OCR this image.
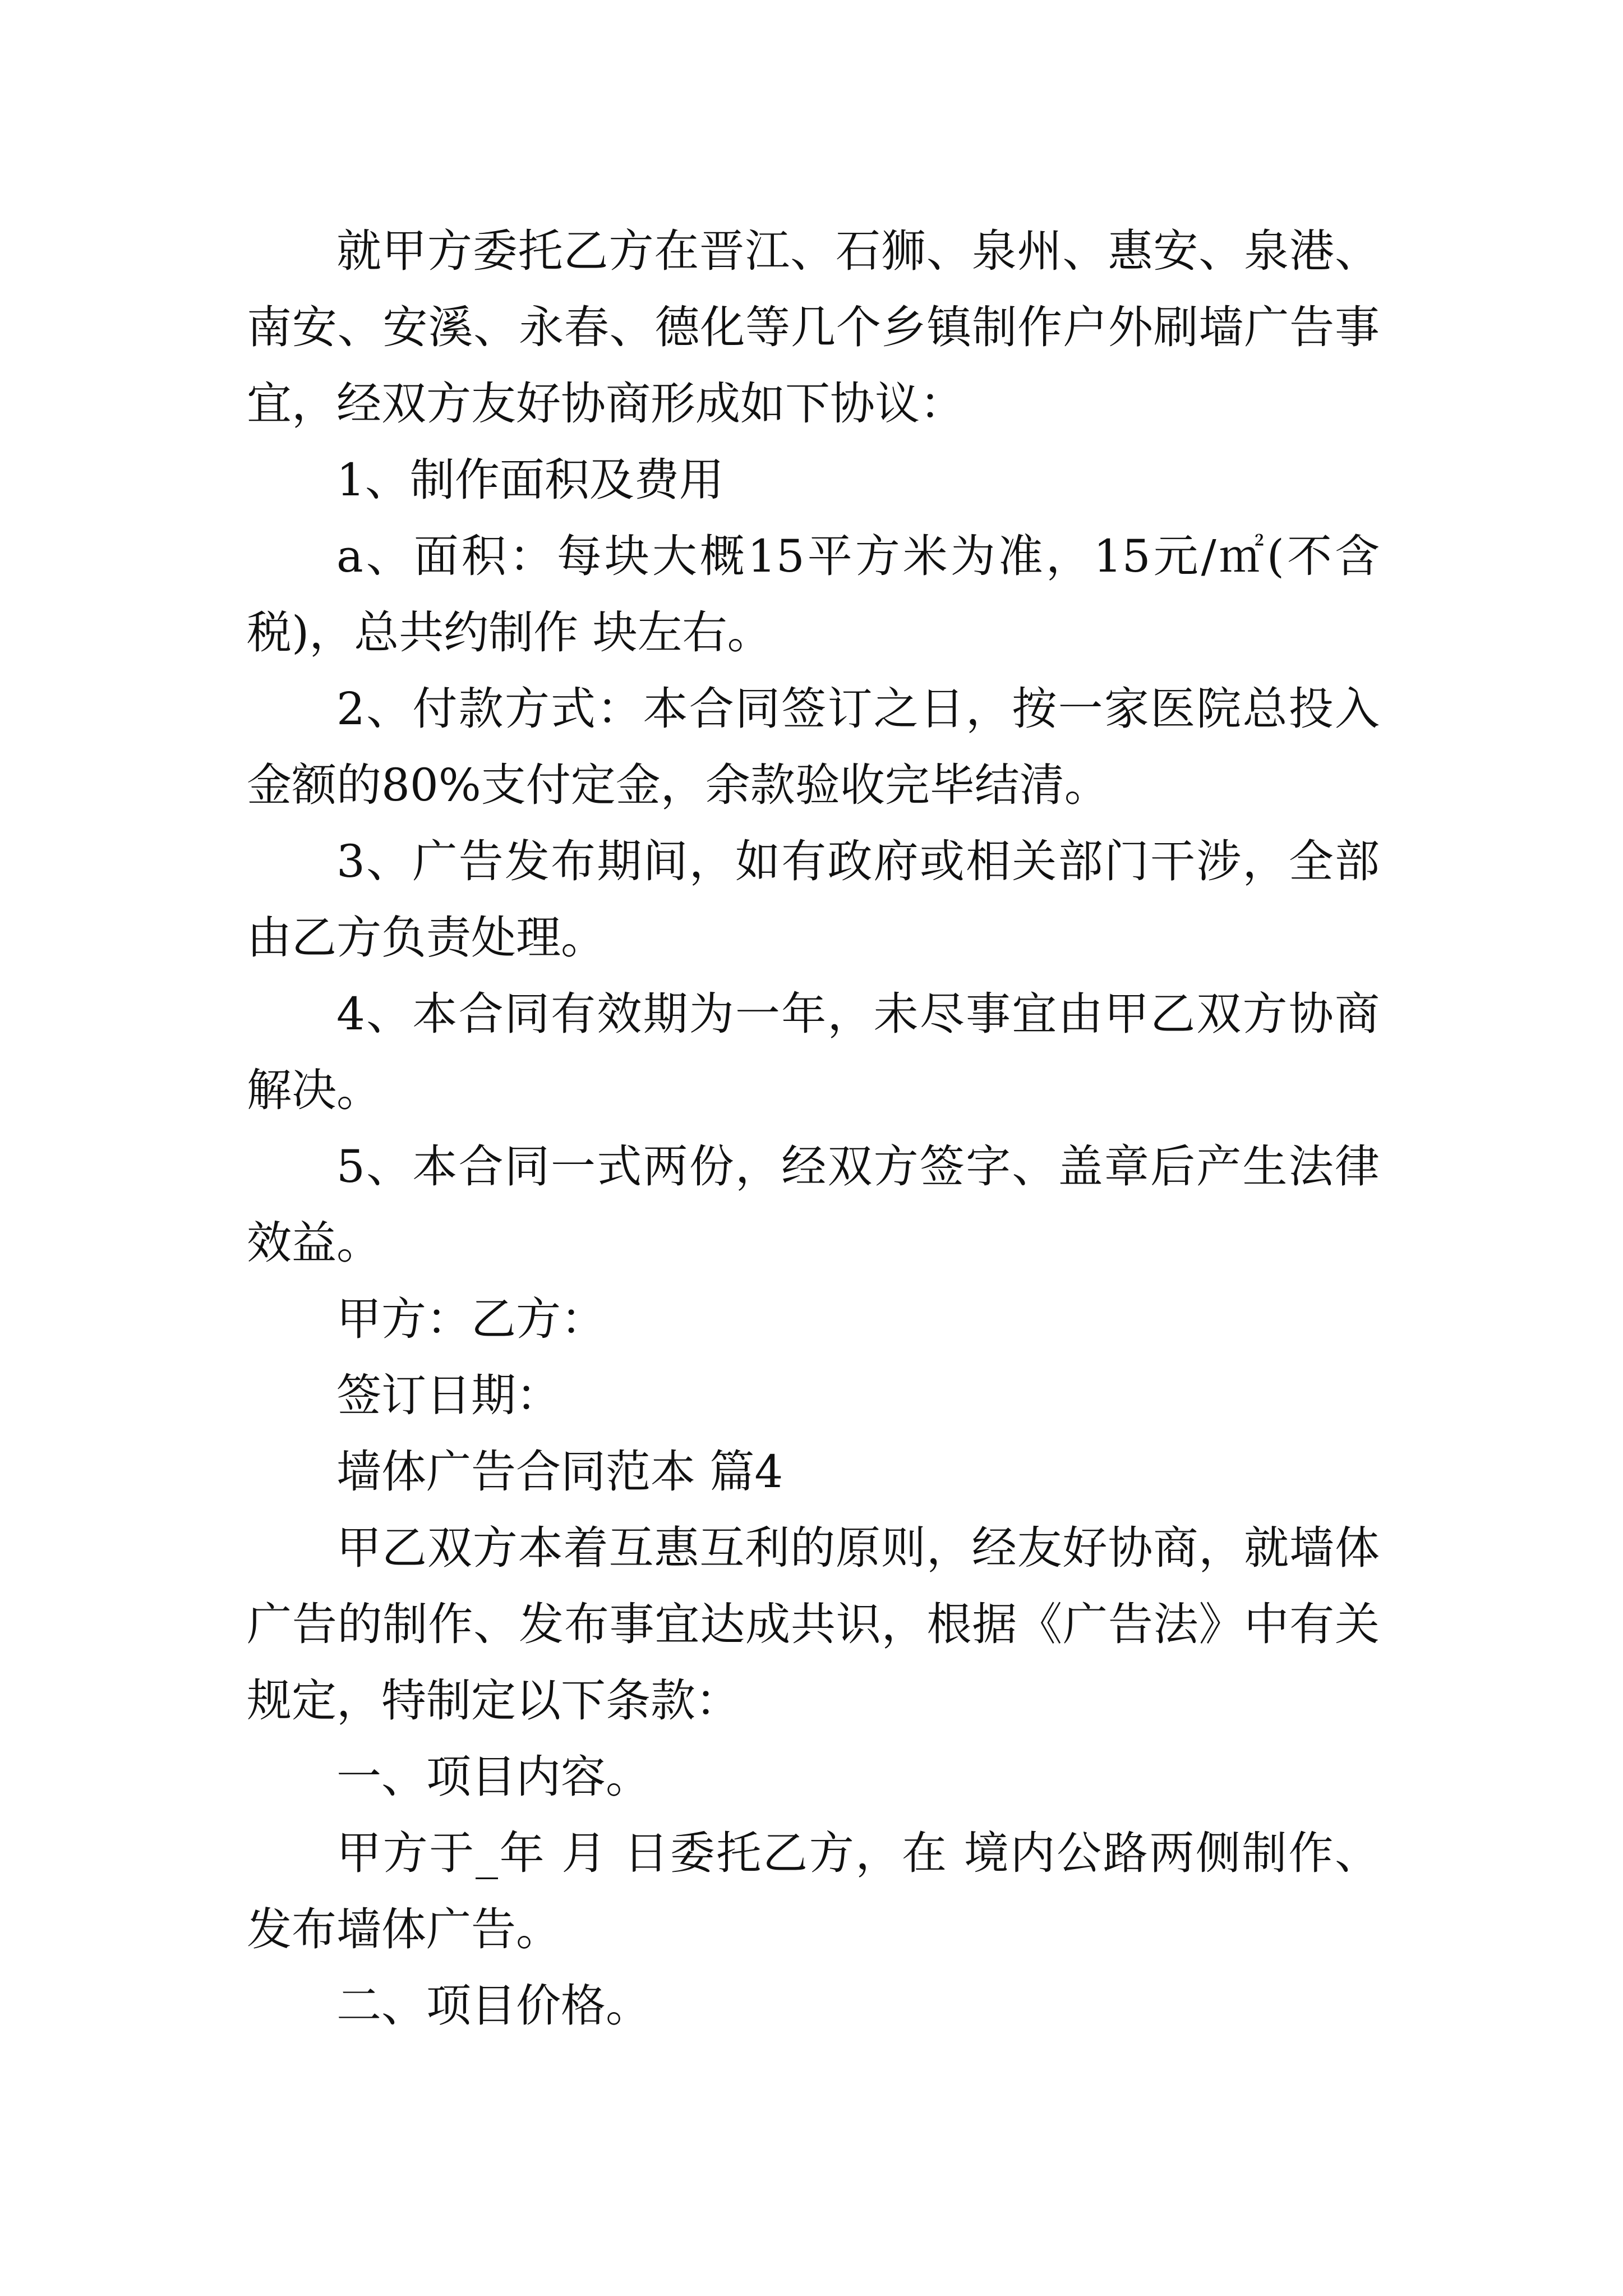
就甲方委托乙方在晋江、石狮、泉州、惠安、泉港、南安、安溪、永春、德化等几个乡镇制作户外刷墙广告事宜，经双方友好协商形成如下协议：

1、制作面积及费用

a、面积：每块大概15平方米为准，15元/㎡(不含税)，总共约制作 块左右。

2、付款方式：本合同签订之日，按一家医院总投入金额的80%支付定金，余款验收完毕结清。

3、广告发布期间，如有政府或相关部门干涉，全部由乙方负责处理。

4、本合同有效期为一年，未尽事宜由甲乙双方协商解决。

5、本合同一式两份，经双方签字、盖章后产生法律效益。

甲方：乙方：

签订日期：

墙体广告合同范本 篇4

甲乙双方本着互惠互利的原则，经友好协商，就墙体广告的制作、发布事宜达成共识，根据《广告法》中有关规定，特制定以下条款：

一、项目内容。

甲方于_年 月 日委托乙方，在 境内公路两侧制作、发布墙体广告。

二、项目价格。
